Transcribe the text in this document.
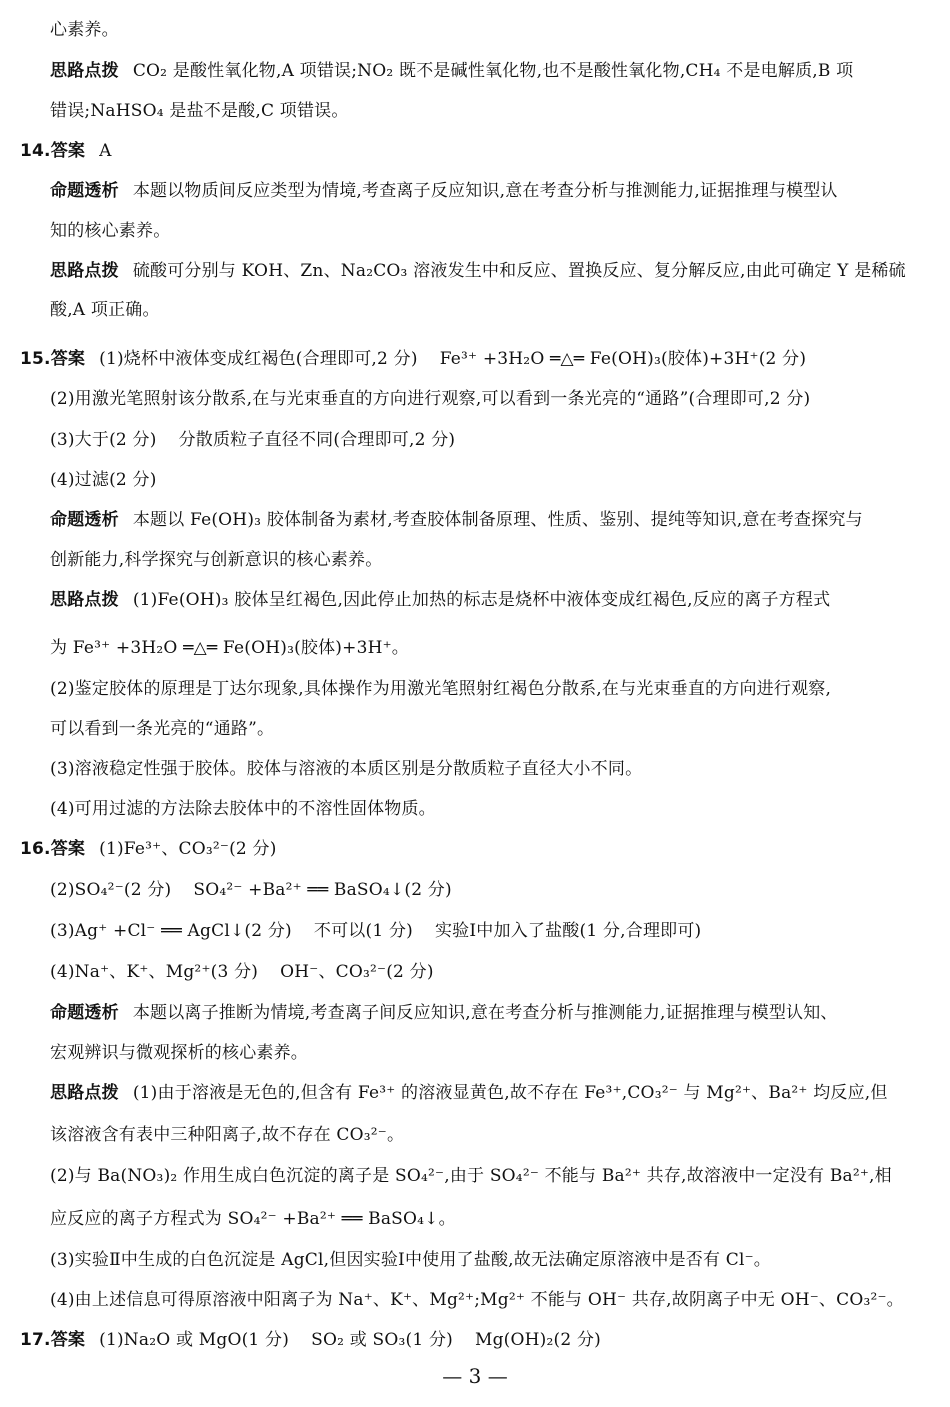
心素养。
思路点拨 CO₂ 是酸性氧化物,A 项错误;NO₂ 既不是碱性氧化物,也不是酸性氧化物,CH₄ 不是电解质,B 项
错误;NaHSO₄ 是盐不是酸,C 项错误。
14.答案 A
命题透析 本题以物质间反应类型为情境,考查离子反应知识,意在考查分析与推测能力,证据推理与模型认
知的核心素养。
思路点拨 硫酸可分别与 KOH、Zn、Na₂CO₃ 溶液发生中和反应、置换反应、复分解反应,由此可确定 Y 是稀硫
酸,A 项正确。
15.答案 (1)烧杯中液体变成红褐色(合理即可,2 分) Fe³⁺ +3H₂O ═△═ Fe(OH)₃(胶体)+3H⁺(2 分)
(2)用激光笔照射该分散系,在与光束垂直的方向进行观察,可以看到一条光亮的“通路”(合理即可,2 分)
(3)大于(2 分) 分散质粒子直径不同(合理即可,2 分)
(4)过滤(2 分)
命题透析 本题以 Fe(OH)₃ 胶体制备为素材,考查胶体制备原理、性质、鉴别、提纯等知识,意在考查探究与
创新能力,科学探究与创新意识的核心素养。
思路点拨 (1)Fe(OH)₃ 胶体呈红褐色,因此停止加热的标志是烧杯中液体变成红褐色,反应的离子方程式
为 Fe³⁺ +3H₂O ═△═ Fe(OH)₃(胶体)+3H⁺。
(2)鉴定胶体的原理是丁达尔现象,具体操作为用激光笔照射红褐色分散系,在与光束垂直的方向进行观察,
可以看到一条光亮的“通路”。
(3)溶液稳定性强于胶体。胶体与溶液的本质区别是分散质粒子直径大小不同。
(4)可用过滤的方法除去胶体中的不溶性固体物质。
16.答案 (1)Fe³⁺、CO₃²⁻(2 分)
(2)SO₄²⁻(2 分) SO₄²⁻ +Ba²⁺ ══ BaSO₄↓(2 分)
(3)Ag⁺ +Cl⁻ ══ AgCl↓(2 分) 不可以(1 分) 实验Ⅰ中加入了盐酸(1 分,合理即可)
(4)Na⁺、K⁺、Mg²⁺(3 分) OH⁻、CO₃²⁻(2 分)
命题透析 本题以离子推断为情境,考查离子间反应知识,意在考查分析与推测能力,证据推理与模型认知、
宏观辨识与微观探析的核心素养。
思路点拨 (1)由于溶液是无色的,但含有 Fe³⁺ 的溶液显黄色,故不存在 Fe³⁺,CO₃²⁻ 与 Mg²⁺、Ba²⁺ 均反应,但
该溶液含有表中三种阳离子,故不存在 CO₃²⁻。
(2)与 Ba(NO₃)₂ 作用生成白色沉淀的离子是 SO₄²⁻,由于 SO₄²⁻ 不能与 Ba²⁺ 共存,故溶液中一定没有 Ba²⁺,相
应反应的离子方程式为 SO₄²⁻ +Ba²⁺ ══ BaSO₄↓。
(3)实验Ⅱ中生成的白色沉淀是 AgCl,但因实验Ⅰ中使用了盐酸,故无法确定原溶液中是否有 Cl⁻。
(4)由上述信息可得原溶液中阳离子为 Na⁺、K⁺、Mg²⁺;Mg²⁺ 不能与 OH⁻ 共存,故阴离子中无 OH⁻、CO₃²⁻。
17.答案 (1)Na₂O 或 MgO(1 分) SO₂ 或 SO₃(1 分) Mg(OH)₂(2 分)
— 3 —
